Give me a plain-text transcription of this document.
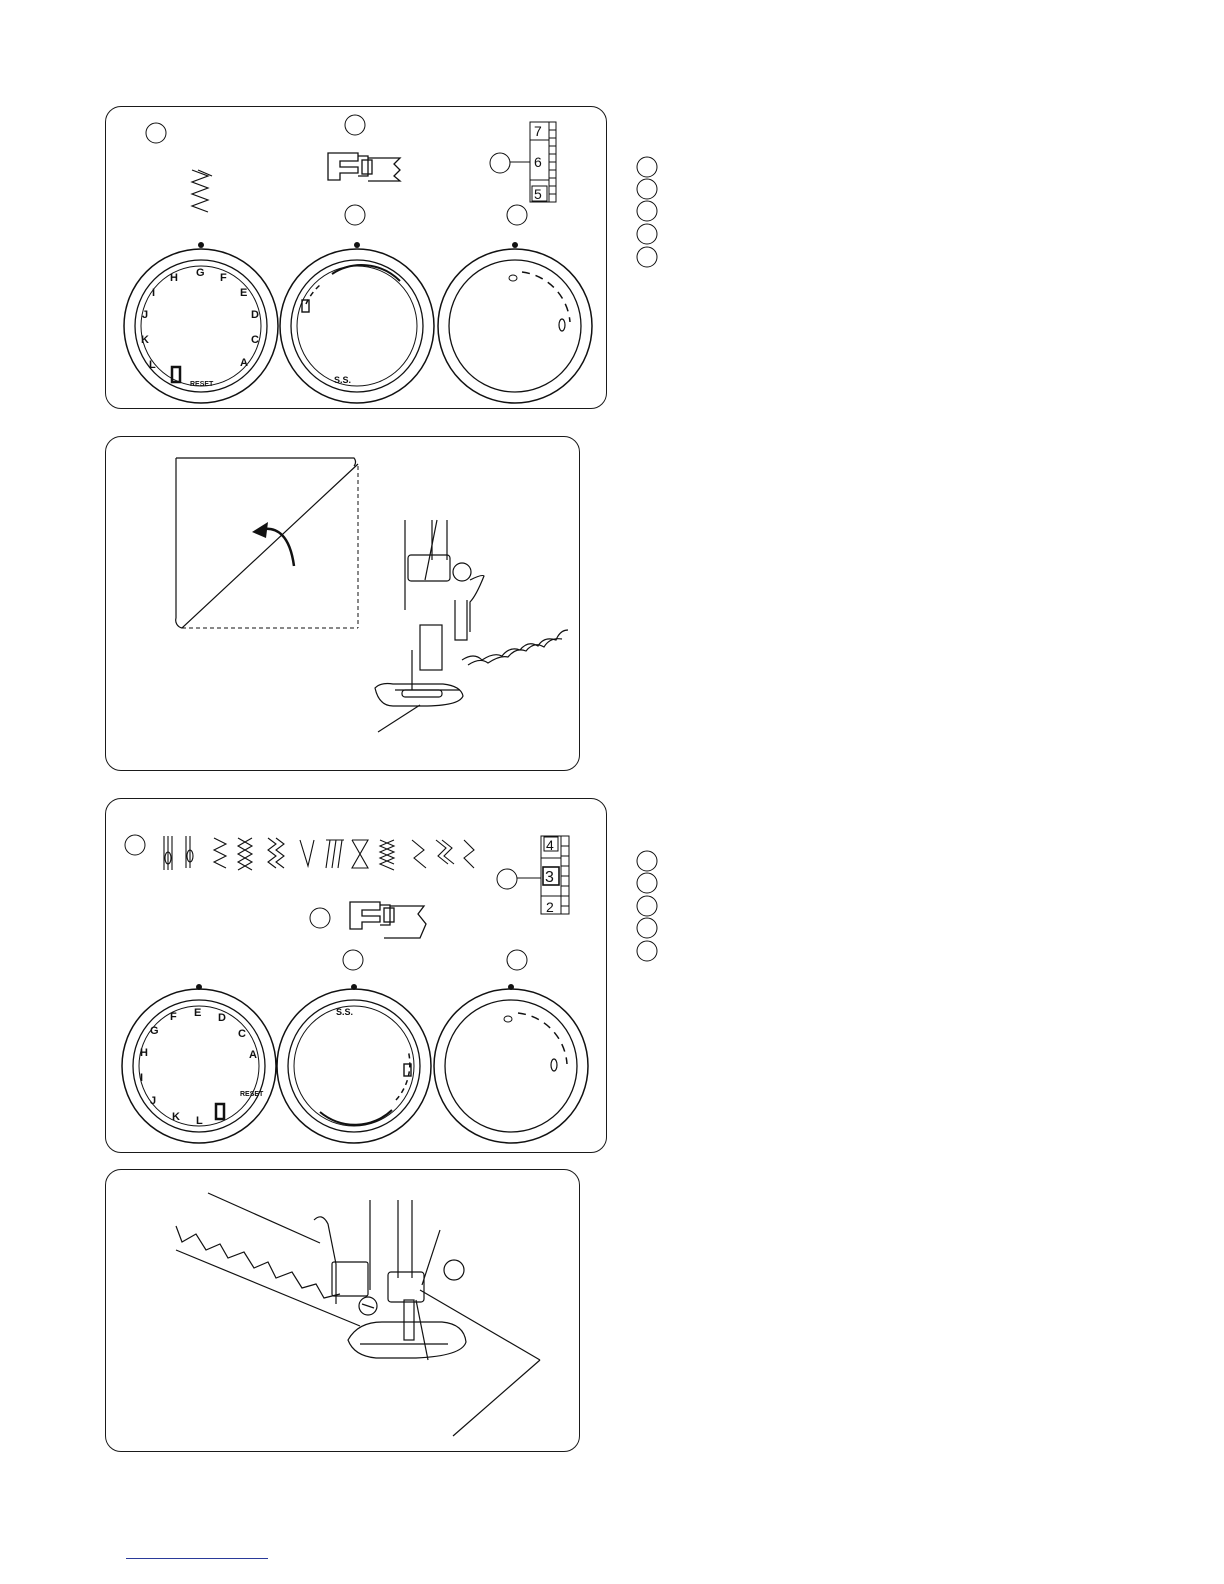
7
6
5
G F
E
D
C
A
H
I
J
K
L
RESET	S.S.
4
3
2
E D
C
A
F
G
H
I
J
K L
RESET
S.S.
